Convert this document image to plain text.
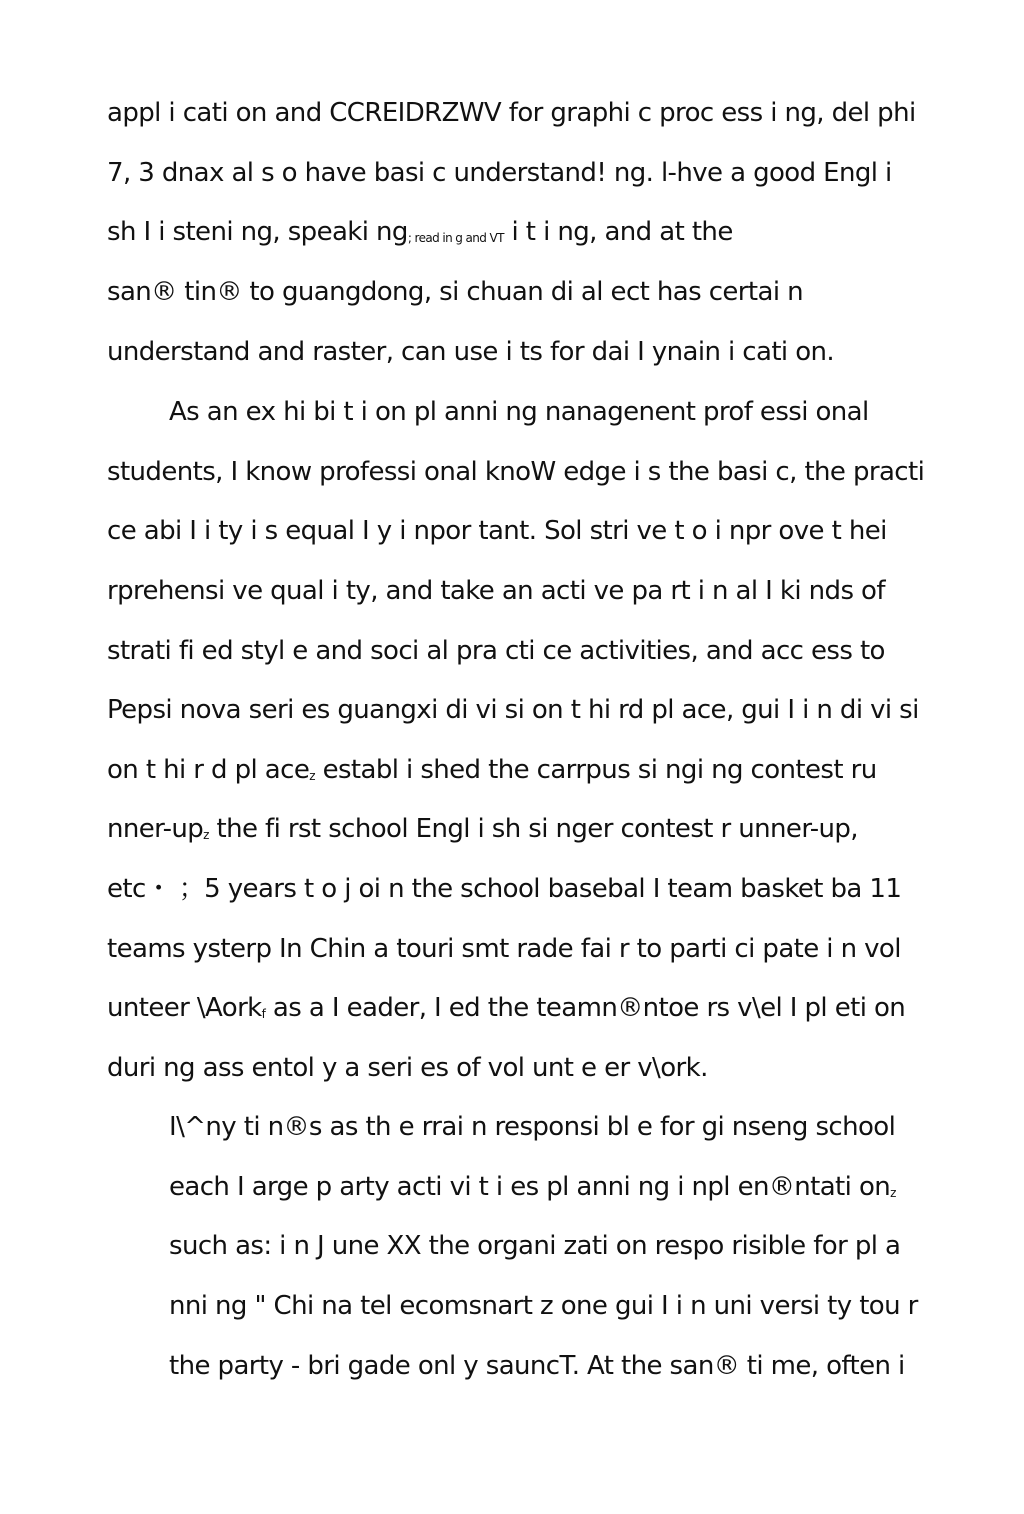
appl i cati on and CCREIDRZWV for graphi c proc ess i ng, del phi
7, 3 dnax al s o have basi c understand! ng. l-hve a good Engl i
sh I i steni ng, speaki ng; read in g and VT i t i ng, and at the
san® tin® to guangdong, si chuan di al ect has certai n
understand and raster, can use i ts for dai I ynain i cati on.
As an ex hi bi t i on pl anni ng nanagenent prof essi onal
students, I know professi onal knoW edge i s the basi c, the practi
ce abi I i ty i s equal I y i npor tant. Sol stri ve t o i npr ove t hei
rprehensi ve qual i ty, and take an acti ve pa rt i n al I ki nds of
strati fi ed styl e and soci al pra cti ce activities, and acc ess to
Pepsi nova seri es guangxi di vi si on t hi rd pl ace, gui I i n di vi si
on t hi r d pl acez establ i shed the carrpus si ngi ng contest ru
nner-upz the fi rst school Engl i sh si nger contest r unner-up,
etc・ ；5 years t o j oi n the school basebal I team basket ba 11
teams ysterp In Chin a touri smt rade fai r to parti ci pate i n vol
unteer \Aorkf as a I eader, I ed the teamn®ntoe rs v\el I pl eti on
duri ng ass entol y a seri es of vol unt e er v\ork.
I\^ny ti n®s as th e rrai n responsi bl e for gi nseng school
each I arge p arty acti vi t i es pl anni ng i npl en®ntati onz
such as: i n J une XX the organi zati on respo risible for pl a
nni ng " Chi na tel ecomsnart z one gui I i n uni versi ty tou r
the party - bri gade onl y sauncT. At the san® ti me, often i
